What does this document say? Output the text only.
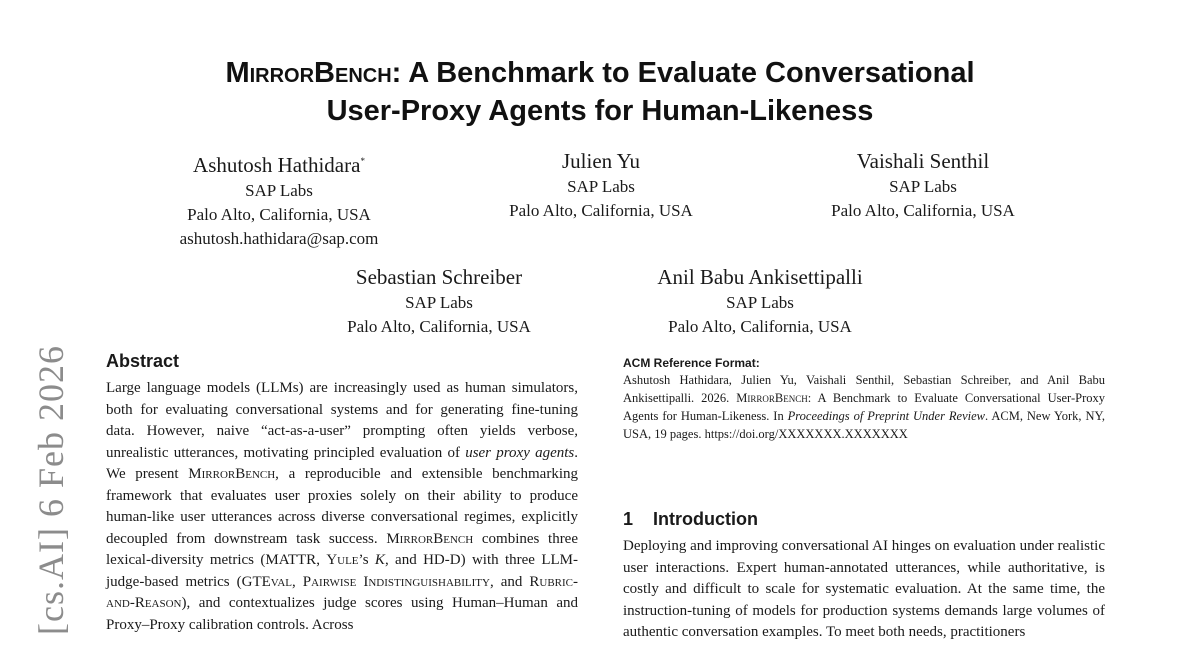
[cs.AI] 6 Feb 2026
MirrorBench: A Benchmark to Evaluate Conversational
User-Proxy Agents for Human-Likeness
Ashutosh Hathidara*
SAP Labs
Palo Alto, California, USA
ashutosh.hathidara@sap.com
Julien Yu
SAP Labs
Palo Alto, California, USA
Vaishali Senthil
SAP Labs
Palo Alto, California, USA
Sebastian Schreiber
SAP Labs
Palo Alto, California, USA
Anil Babu Ankisettipalli
SAP Labs
Palo Alto, California, USA
Abstract

Large language models (LLMs) are increasingly used as human simulators, both for evaluating conversational systems and for generating fine-tuning data. However, naive “act-as-a-user” prompting often yields verbose, unrealistic utterances, motivating principled evaluation of user proxy agents. We present MirrorBench, a reproducible and extensible benchmarking framework that evaluates user proxies solely on their ability to produce human-like user utterances across diverse conversational regimes, explicitly decoupled from downstream task success. MirrorBench combines three lexical-diversity metrics (MATTR, Yule’s K, and HD-D) with three LLM-judge-based metrics (GTEval, Pairwise Indistinguishability, and Rubric-and-Reason), and contextualizes judge scores using Human–Human and Proxy–Proxy calibration controls. Across

ACM Reference Format:
Ashutosh Hathidara, Julien Yu, Vaishali Senthil, Sebastian Schreiber, and Anil Babu Ankisettipalli. 2026. MirrorBench: A Benchmark to Evaluate Conversational User-Proxy Agents for Human-Likeness. In Proceedings of Preprint Under Review. ACM, New York, NY, USA, 19 pages. https://doi.org/XXXXXXX.XXXXXXX
1 Introduction

Deploying and improving conversational AI hinges on evaluation under realistic user interactions. Expert human-annotated utterances, while authoritative, is costly and difficult to scale for systematic evaluation. At the same time, the instruction-tuning of models for production systems demands large volumes of authentic conversation examples. To meet both needs, practitioners
